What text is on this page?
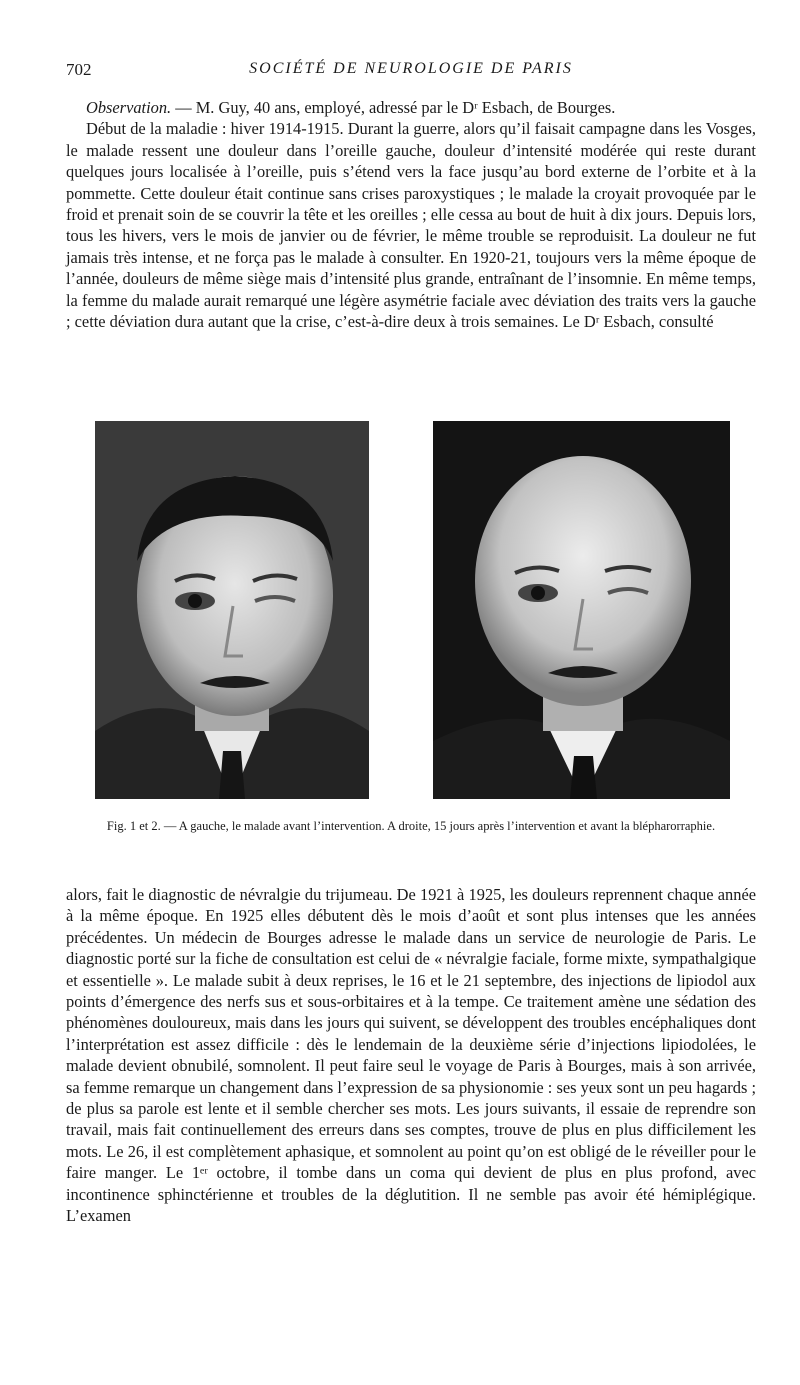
702	SOCIÉTÉ DE NEUROLOGIE DE PARIS

Observation. — M. Guy, 40 ans, employé, adressé par le Dʳ Esbach, de Bourges.

Début de la maladie : hiver 1914-1915. Durant la guerre, alors qu’il faisait campagne dans les Vosges, le malade ressent une douleur dans l’oreille gauche, douleur d’intensité modérée qui reste durant quelques jours localisée à l’oreille, puis s’étend vers la face jusqu’au bord externe de l’orbite et à la pommette. Cette douleur était continue sans crises paroxystiques ; le malade la croyait provoquée par le froid et prenait soin de se couvrir la tête et les oreilles ; elle cessa au bout de huit à dix jours. Depuis lors, tous les hivers, vers le mois de janvier ou de février, le même trouble se reproduisit. La douleur ne fut jamais très intense, et ne força pas le malade à consulter. En 1920-21, toujours vers la même époque de l’année, douleurs de même siège mais d’intensité plus grande, entraînant de l’insomnie. En même temps, la femme du malade aurait remarqué une légère asymétrie faciale avec déviation des traits vers la gauche ; cette déviation dura autant que la crise, c’est-à-dire deux à trois semaines. Le Dʳ Esbach, consulté

Fig. 1 et 2. — A gauche, le malade avant l’intervention. A droite, 15 jours après l’intervention et avant la blépharorraphie.

alors, fait le diagnostic de névralgie du trijumeau. De 1921 à 1925, les douleurs reprennent chaque année à la même époque. En 1925 elles débutent dès le mois d’août et sont plus intenses que les années précédentes. Un médecin de Bourges adresse le malade dans un service de neurologie de Paris. Le diagnostic porté sur la fiche de consultation est celui de « névralgie faciale, forme mixte, sympathalgique et essentielle ». Le malade subit à deux reprises, le 16 et le 21 septembre, des injections de lipiodol aux points d’émergence des nerfs sus et sous-orbitaires et à la tempe. Ce traitement amène une sédation des phénomènes douloureux, mais dans les jours qui suivent, se développent des troubles encéphaliques dont l’interprétation est assez difficile : dès le lendemain de la deuxième série d’injections lipiodolées, le malade devient obnubilé, somnolent. Il peut faire seul le voyage de Paris à Bourges, mais à son arrivée, sa femme remarque un changement dans l’expression de sa physionomie : ses yeux sont un peu hagards ; de plus sa parole est lente et il semble chercher ses mots. Les jours suivants, il essaie de reprendre son travail, mais fait continuellement des erreurs dans ses comptes, trouve de plus en plus difficilement les mots. Le 26, il est complètement aphasique, et somnolent au point qu’on est obligé de le réveiller pour le faire manger. Le 1ᵉʳ octobre, il tombe dans un coma qui devient de plus en plus profond, avec incontinence sphinctérienne et troubles de la déglutition. Il ne semble pas avoir été hémiplégique. L’examen
